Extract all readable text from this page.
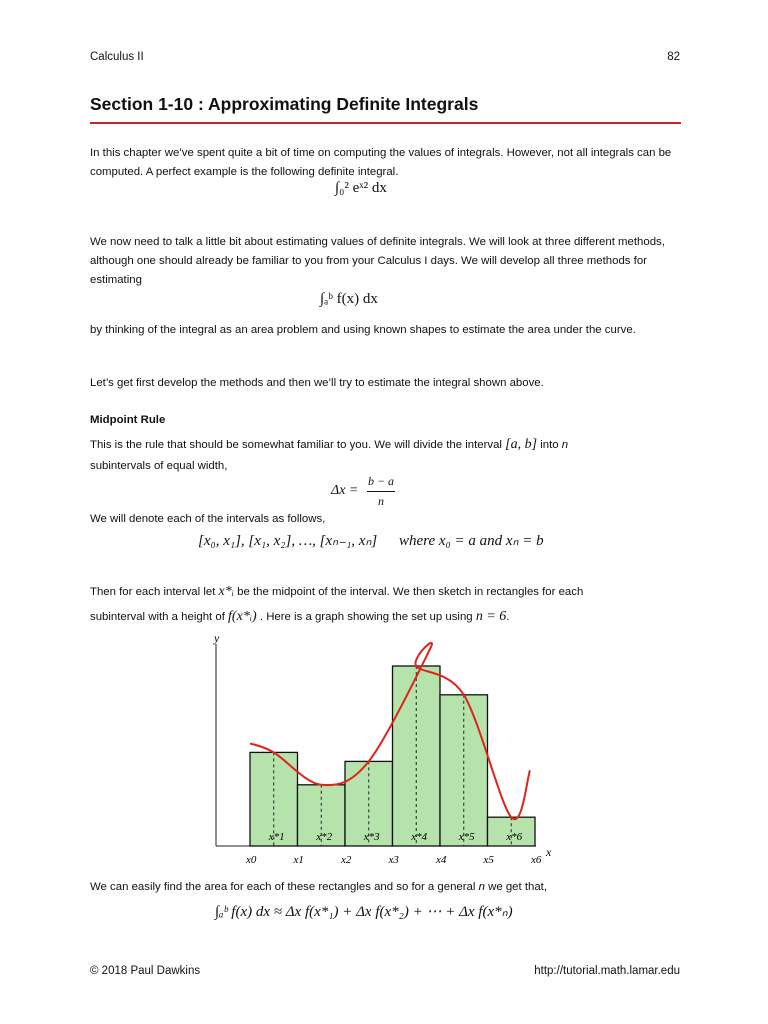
Calculus II	82
Section 1-10 : Approximating Definite Integrals
In this chapter we’ve spent quite a bit of time on computing the values of integrals. However, not all integrals can be computed. A perfect example is the following definite integral.
∫₀² eˣ² dx
We now need to talk a little bit about estimating values of definite integrals. We will look at three different methods, although one should already be familiar to you from your Calculus I days. We will develop all three methods for estimating
∫ₐᵇ f(x) dx
by thinking of the integral as an area problem and using known shapes to estimate the area under the curve.
Let’s get first develop the methods and then we’ll try to estimate the integral shown above.
Midpoint Rule
This is the rule that should be somewhat familiar to you. We will divide the interval [a, b] into n
subintervals of equal width,
Δx =
b − a
n
We will denote each of the intervals as follows,
[x₀, x₁], [x₁, x₂], …, [xₙ₋₁, xₙ] where x₀ = a and xₙ = b
Then for each interval let x*ᵢ be the midpoint of the interval. We then sketch in rectangles for each
subinterval with a height of f(x*ᵢ) . Here is a graph showing the set up using n = 6.
y
x
x*1	x*2	x*3	x*4	x*5	x*6
x0	x1	x2	x3	x4	x5	x6
We can easily find the area for each of these rectangles and so for a general n we get that,
∫ₐᵇ f(x) dx ≈ Δx f(x*₁) + Δx f(x*₂) + ⋯ + Δx f(x*ₙ)
© 2018 Paul Dawkins	http://tutorial.math.lamar.edu
